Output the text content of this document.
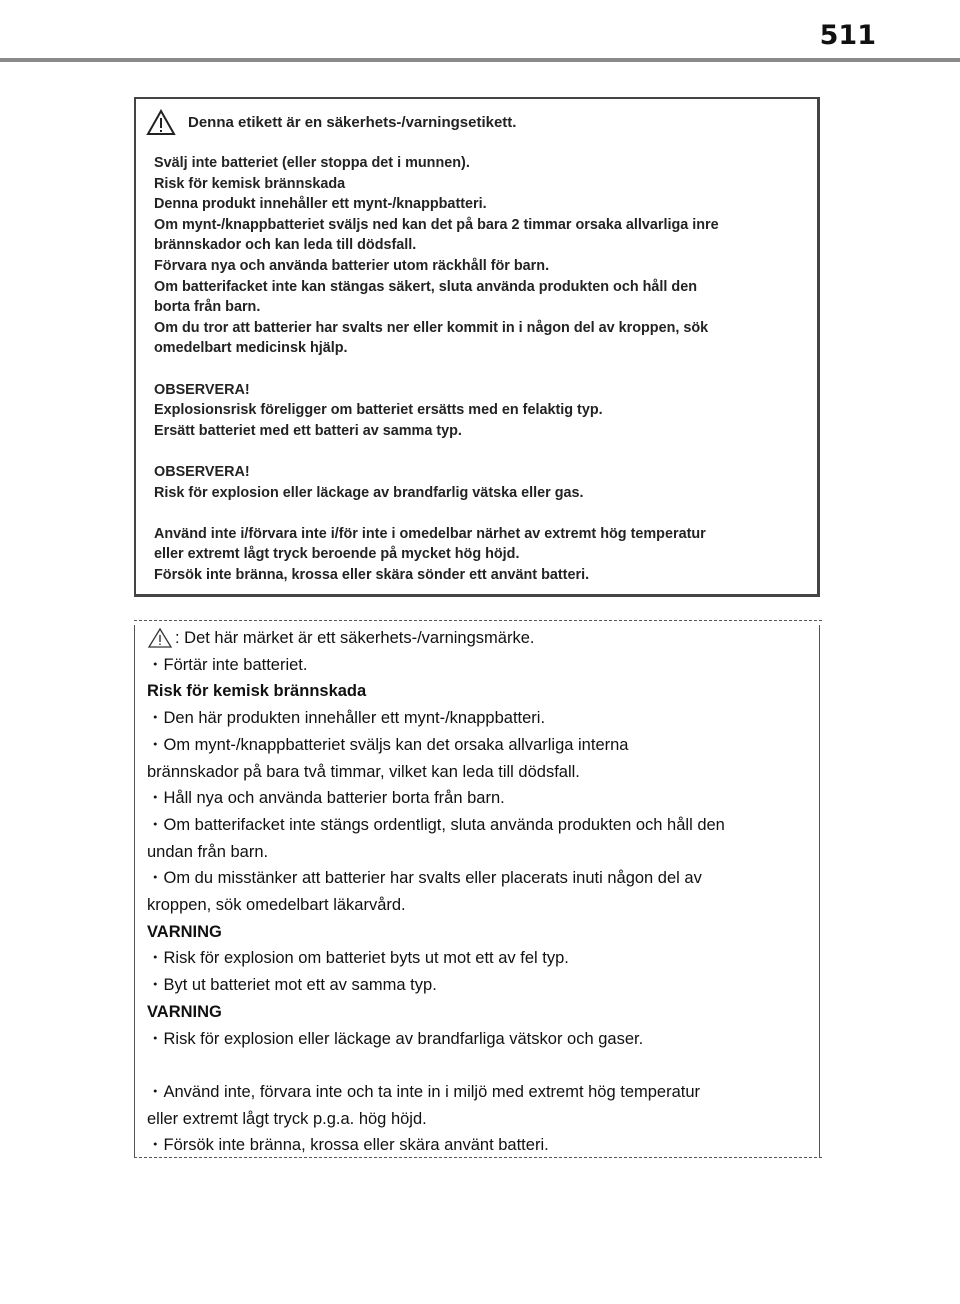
511
Denna etikett är en säkerhets-/varningsetikett.
Svälj inte batteriet (eller stoppa det i munnen).
Risk för kemisk brännskada
Denna produkt innehåller ett mynt-/knappbatteri.
Om mynt-/knappbatteriet sväljs ned kan det på bara 2 timmar orsaka allvarliga inre
brännskador och kan leda till dödsfall.
Förvara nya och använda batterier utom räckhåll för barn.
Om batterifacket inte kan stängas säkert, sluta använda produkten och håll den
borta från barn.
Om du tror att batterier har svalts ner eller kommit in i någon del av kroppen, sök
omedelbart medicinsk hjälp.
OBSERVERA!
Explosionsrisk föreligger om batteriet ersätts med en felaktig typ.
Ersätt batteriet med ett batteri av samma typ.
OBSERVERA!
Risk för explosion eller läckage av brandfarlig vätska eller gas.
Använd inte i/förvara inte i/för inte i omedelbar närhet av extremt hög temperatur
eller extremt lågt tryck beroende på mycket hög höjd.
Försök inte bränna, krossa eller skära sönder ett använt batteri.
: Det här märket är ett säkerhets-/varningsmärke.
・Förtär inte batteriet.
Risk för kemisk brännskada
・Den här produkten innehåller ett mynt-/knappbatteri.
・Om mynt-/knappbatteriet sväljs kan det orsaka allvarliga interna
brännskador på bara två timmar, vilket kan leda till dödsfall.
・Håll nya och använda batterier borta från barn.
・Om batterifacket inte stängs ordentligt, sluta använda produkten och håll den
undan från barn.
・Om du misstänker att batterier har svalts eller placerats inuti någon del av
kroppen, sök omedelbart läkarvård.
VARNING
・Risk för explosion om batteriet byts ut mot ett av fel typ.
・Byt ut batteriet mot ett av samma typ.
VARNING
・Risk för explosion eller läckage av brandfarliga vätskor och gaser.
・Använd inte, förvara inte och ta inte in i miljö med extremt hög temperatur
eller extremt lågt tryck p.g.a. hög höjd.
・Försök inte bränna, krossa eller skära använt batteri.
